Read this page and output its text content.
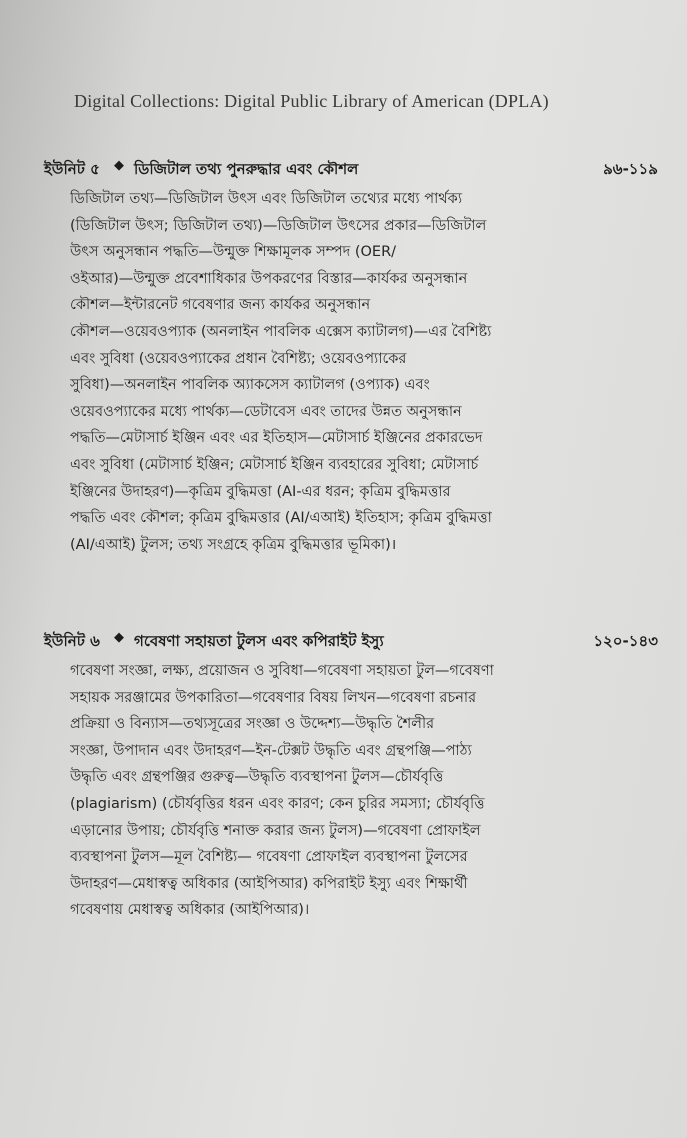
Digital Collections: Digital Public Library of American (DPLA)
ইউনিট ৫ ◆ ডিজিটাল তথ্য পুনরুদ্ধার এবং কৌশল	৯৬-১১৯
ডিজিটাল তথ্য—ডিজিটাল উৎস এবং ডিজিটাল তথ্যের মধ্যে পার্থক্য
(ডিজিটাল উৎস; ডিজিটাল তথ্য)—ডিজিটাল উৎসের প্রকার—ডিজিটাল
উৎস অনুসন্ধান পদ্ধতি—উন্মুক্ত শিক্ষামূলক সম্পদ (OER/
ওইআর)—উন্মুক্ত প্রবেশাধিকার উপকরণের বিস্তার—কার্যকর অনুসন্ধান
কৌশল—ইন্টারনেট গবেষণার জন্য কার্যকর অনুসন্ধান
কৌশল—ওয়েবওপ্যাক (অনলাইন পাবলিক এক্সেস ক্যাটালগ)—এর বৈশিষ্ট্য
এবং সুবিধা (ওয়েবওপ্যাকের প্রধান বৈশিষ্ট্য; ওয়েবওপ্যাকের
সুবিধা)—অনলাইন পাবলিক অ্যাকসেস ক্যাটালগ (ওপ্যাক) এবং
ওয়েবওপ্যাকের মধ্যে পার্থক্য—ডেটাবেস এবং তাদের উন্নত অনুসন্ধান
পদ্ধতি—মেটাসার্চ ইঞ্জিন এবং এর ইতিহাস—মেটাসার্চ ইঞ্জিনের প্রকারভেদ
এবং সুবিধা (মেটাসার্চ ইঞ্জিন; মেটাসার্চ ইঞ্জিন ব্যবহারের সুবিধা; মেটাসার্চ
ইঞ্জিনের উদাহরণ)—কৃত্রিম বুদ্ধিমত্তা (AI-এর ধরন; কৃত্রিম বুদ্ধিমত্তার
পদ্ধতি এবং কৌশল; কৃত্রিম বুদ্ধিমত্তার (AI/এআই) ইতিহাস; কৃত্রিম বুদ্ধিমত্তা
(AI/এআই) টুলস; তথ্য সংগ্রহে কৃত্রিম বুদ্ধিমত্তার ভূমিকা)।
ইউনিট ৬ ◆ গবেষণা সহায়তা টুলস এবং কপিরাইট ইস্যু	১২০-১৪৩
গবেষণা সংজ্ঞা, লক্ষ্য, প্রয়োজন ও সুবিধা—গবেষণা সহায়তা টুল—গবেষণা
সহায়ক সরঞ্জামের উপকারিতা—গবেষণার বিষয় লিখন—গবেষণা রচনার
প্রক্রিয়া ও বিন্যাস—তথ্যসূত্রের সংজ্ঞা ও উদ্দেশ্য—উদ্ধৃতি শৈলীর
সংজ্ঞা, উপাদান এবং উদাহরণ—ইন-টেক্সট উদ্ধৃতি এবং গ্রন্থপঞ্জি—পাঠ্য
উদ্ধৃতি এবং গ্রন্থপঞ্জির গুরুত্ব—উদ্ধৃতি ব্যবস্থাপনা টুলস—চৌর্যবৃত্তি
(plagiarism) (চৌর্যবৃত্তির ধরন এবং কারণ; কেন চুরির সমস্যা; চৌর্যবৃত্তি
এড়ানোর উপায়; চৌর্যবৃত্তি শনাক্ত করার জন্য টুলস)—গবেষণা প্রোফাইল
ব্যবস্থাপনা টুলস—মূল বৈশিষ্ট্য— গবেষণা প্রোফাইল ব্যবস্থাপনা টুলসের
উদাহরণ—মেধাস্বত্ব অধিকার (আইপিআর) কপিরাইট ইস্যু এবং শিক্ষার্থী
গবেষণায় মেধাস্বত্ব অধিকার (আইপিআর)।
